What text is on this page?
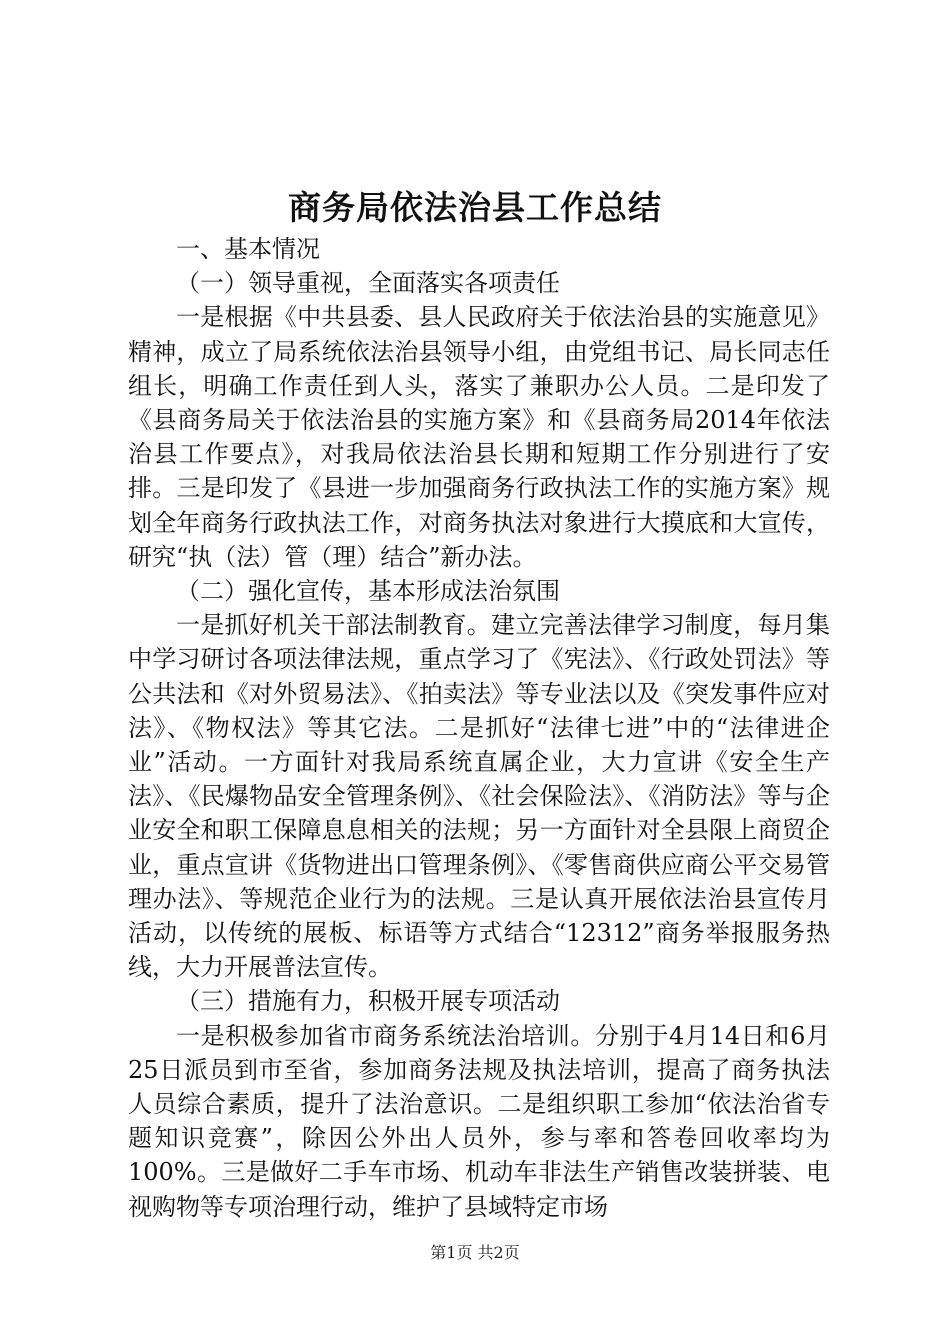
商务局依法治县工作总结

一、基本情况

（一）领导重视，全面落实各项责任

一是根据《中共县委、县人民政府关于依法治县的实施意见》精神，成立了局系统依法治县领导小组，由党组书记、局长同志任组长，明确工作责任到人头，落实了兼职办公人员。二是印发了《县商务局关于依法治县的实施方案》和《县商务局2014年依法治县工作要点》，对我局依法治县长期和短期工作分别进行了安排。三是印发了《县进一步加强商务行政执法工作的实施方案》规划全年商务行政执法工作，对商务执法对象进行大摸底和大宣传，研究“执（法）管（理）结合”新办法。

（二）强化宣传，基本形成法治氛围

一是抓好机关干部法制教育。建立完善法律学习制度，每月集中学习研讨各项法律法规，重点学习了《宪法》、《行政处罚法》等公共法和《对外贸易法》、《拍卖法》等专业法以及《突发事件应对法》、《物权法》等其它法。二是抓好“法律七进”中的“法律进企业”活动。一方面针对我局系统直属企业，大力宣讲《安全生产法》、《民爆物品安全管理条例》、《社会保险法》、《消防法》等与企业安全和职工保障息息相关的法规；另一方面针对全县限上商贸企业，重点宣讲《货物进出口管理条例》、《零售商供应商公平交易管理办法》、等规范企业行为的法规。三是认真开展依法治县宣传月活动，以传统的展板、标语等方式结合“12312”商务举报服务热线，大力开展普法宣传。

（三）措施有力，积极开展专项活动

一是积极参加省市商务系统法治培训。分别于4月14日和6月25日派员到市至省，参加商务法规及执法培训，提高了商务执法人员综合素质，提升了法治意识。二是组织职工参加“依法治省专题知识竞赛”，除因公外出人员外，参与率和答卷回收率均为100%。三是做好二手车市场、机动车非法生产销售改装拼装、电视购物等专项治理行动，维护了县域特定市场

第1页 共2页
